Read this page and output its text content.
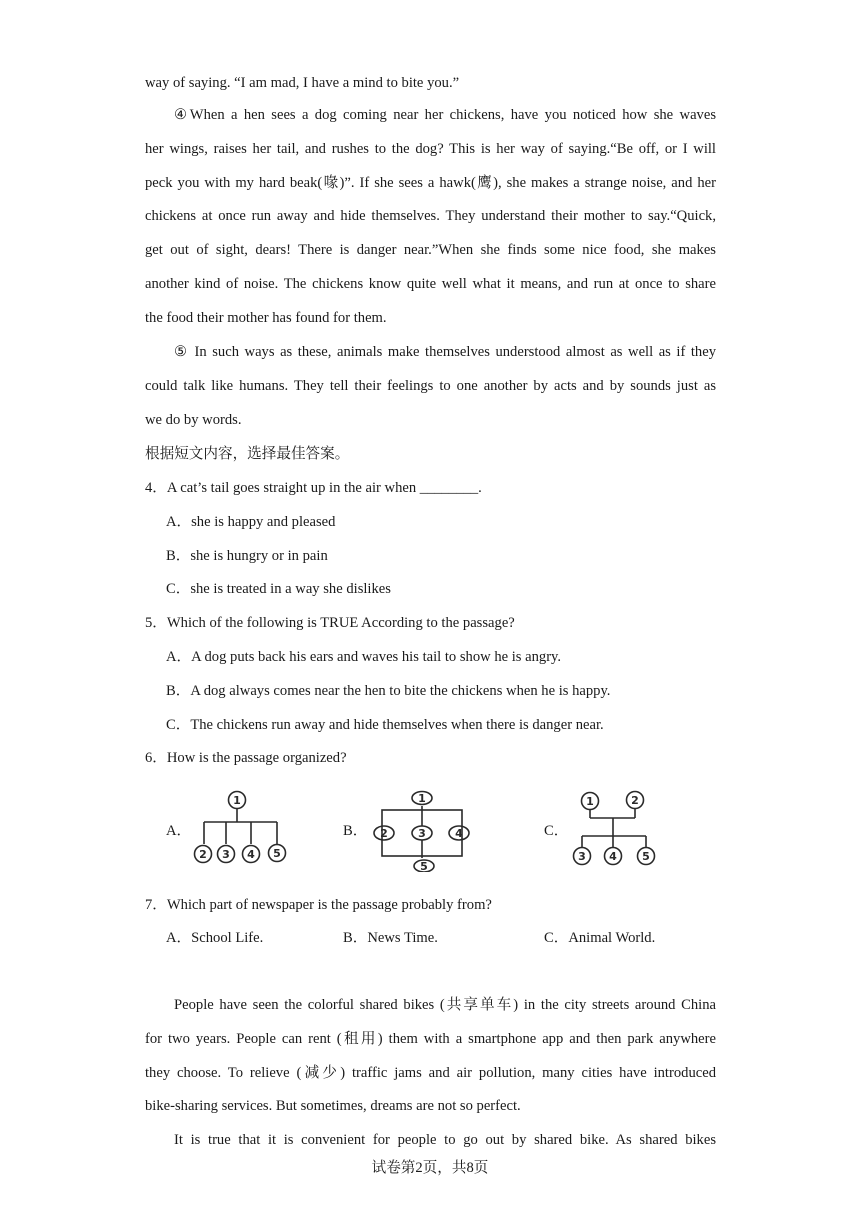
way of saying. “I am mad, I have a mind to bite you.”
④When a hen sees a dog coming near her chickens, have you noticed how she waves
her wings, raises her tail, and rushes to the dog? This is her way of saying.“Be off, or I will
peck you with my hard beak(喙)”. If she sees a hawk(鹰), she makes a strange noise, and her
chickens at once run away and hide themselves. They understand their mother to say.“Quick,
get out of sight, dears! There is danger near.”When she finds some nice food, she makes
another kind of noise. The chickens know quite well what it means, and run at once to share
the food their mother has found for them.
⑤ In such ways as these, animals make themselves understood almost as well as if they
could talk like humans. They tell their feelings to one another by acts and by sounds just as
we do by words.
根据短文内容，选择最佳答案。
4．A cat’s tail goes straight up in the air when ________.
A．she is happy and pleased
B．she is hungry or in pain
C．she is treated in a way she dislikes
5．Which of the following is TRUE According to the passage?
A．A dog puts back his ears and waves his tail to show he is angry.
B．A dog always comes near the hen to bite the chickens when he is happy.
C．The chickens run away and hide themselves when there is danger near.
6．How is the passage organized?
A．
1
2 3 4 5
B．
1
2	3	4
5
C．
1	2
3 4 5
7．Which part of newspaper is the passage probably from?
A．School Life.	B．News Time.	C．Animal World.
People have seen the colorful shared bikes (共享单车) in the city streets around China
for two years. People can rent (租用) them with a smartphone app and then park anywhere
they choose. To relieve (减少) traffic jams and air pollution, many cities have introduced
bike-sharing services. But sometimes, dreams are not so perfect.
It is true that it is convenient for people to go out by shared bike. As shared bikes
试卷第2页，共8页
